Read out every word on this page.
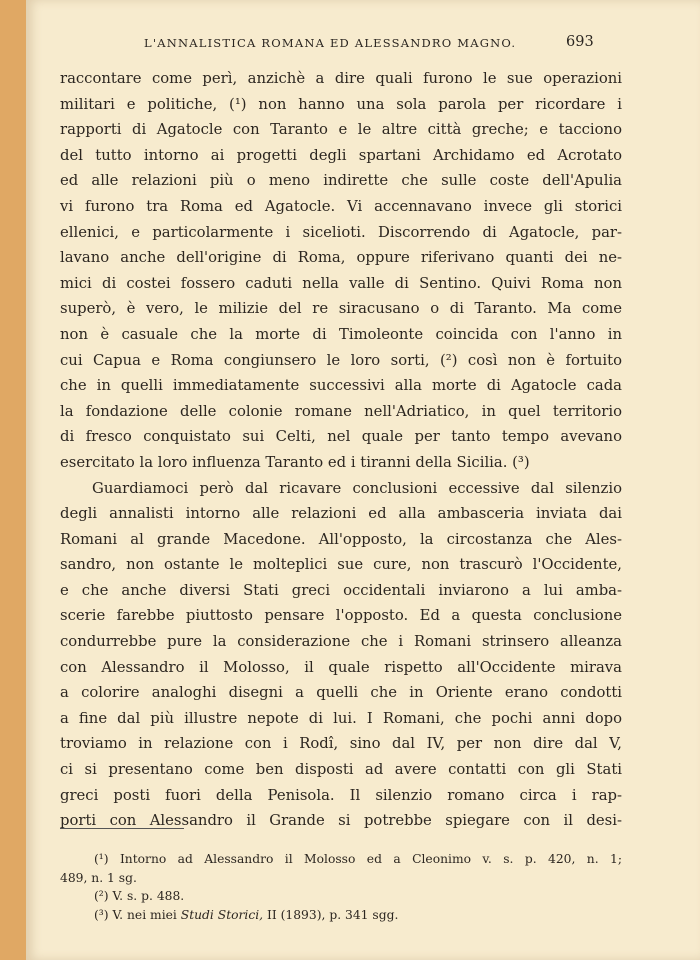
L'ANNALISTICA ROMANA ED ALESSANDRO MAGNO.	693
raccontare come perì, anzichè a dire quali furono le sue operazioni
militari e politiche, (¹) non hanno una sola parola per ricordare i
rapporti di Agatocle con Taranto e le altre città greche; e tacciono
del tutto intorno ai progetti degli spartani Archidamo ed Acrotato
ed alle relazioni più o meno indirette che sulle coste dell'Apulia
vi furono tra Roma ed Agatocle. Vi accennavano invece gli storici
ellenici, e particolarmente i sicelioti. Discorrendo di Agatocle, par-
lavano anche dell'origine di Roma, oppure riferivano quanti dei ne-
mici di costei fossero caduti nella valle di Sentino. Quivi Roma non
superò, è vero, le milizie del re siracusano o di Taranto. Ma come
non è casuale che la morte di Timoleonte coincida con l'anno in
cui Capua e Roma congiunsero le loro sorti, (²) così non è fortuito
che in quelli immediatamente successivi alla morte di Agatocle cada
la fondazione delle colonie romane nell'Adriatico, in quel territorio
di fresco conquistato sui Celti, nel quale per tanto tempo avevano
esercitato la loro influenza Taranto ed i tiranni della Sicilia. (³)
Guardiamoci però dal ricavare conclusioni eccessive dal silenzio
degli annalisti intorno alle relazioni ed alla ambasceria inviata dai
Romani al grande Macedone. All'opposto, la circostanza che Ales-
sandro, non ostante le molteplici sue cure, non trascurò l'Occidente,
e che anche diversi Stati greci occidentali inviarono a lui amba-
scerie farebbe piuttosto pensare l'opposto. Ed a questa conclusione
condurrebbe pure la considerazione che i Romani strinsero alleanza
con Alessandro il Molosso, il quale rispetto all'Occidente mirava
a colorire analoghi disegni a quelli che in Oriente erano condotti
a fine dal più illustre nepote di lui. I Romani, che pochi anni dopo
troviamo in relazione con i Rodî, sino dal IV, per non dire dal V,
ci si presentano come ben disposti ad avere contatti con gli Stati
greci posti fuori della Penisola. Il silenzio romano circa i rap-
porti con Alessandro il Grande si potrebbe spiegare con il desi-
(¹) Intorno ad Alessandro il Molosso ed a Cleonimo v. s. p. 420, n. 1;
489, n. 1 sg.
(²) V. s. p. 488.
(³) V. nei miei Studi Storici, II (1893), p. 341 sgg.
